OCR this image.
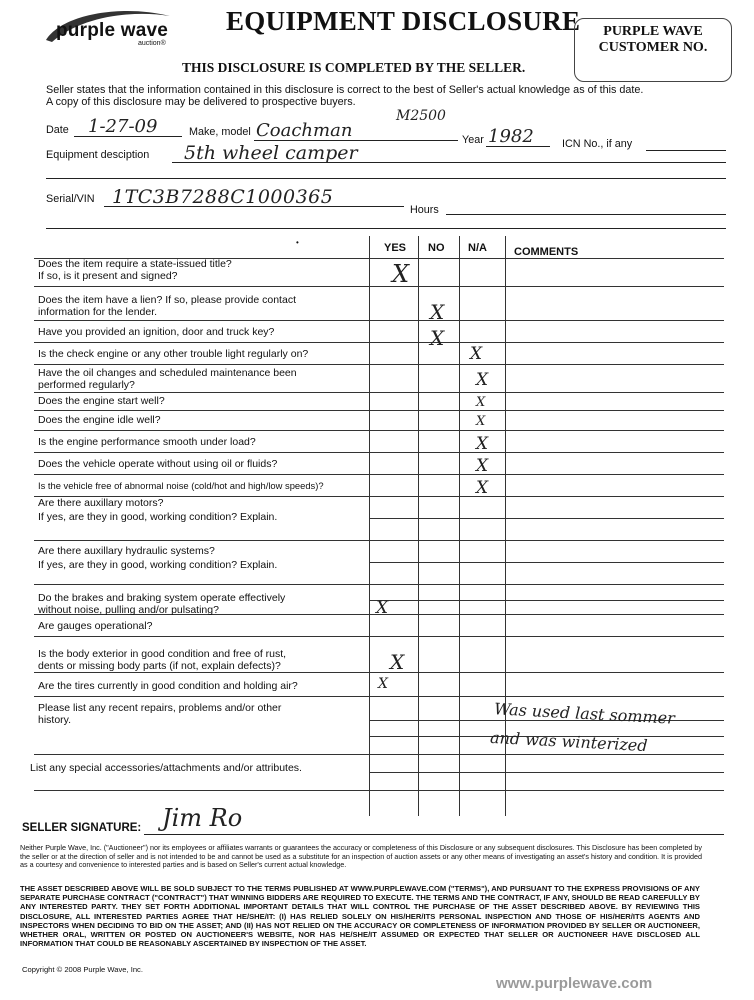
purple wave
auction®
EQUIPMENT DISCLOSURE
THIS DISCLOSURE IS COMPLETED BY THE SELLER.
PURPLE WAVE
CUSTOMER NO.
Seller states that the information contained in this disclosure is correct to the best of Seller's actual knowledge as of this date.
A copy of this disclosure may be delivered to prospective buyers.
Date 1-27-09	Make, model Coachman
M2500
Year 1982	ICN No., if any
Equipment desciption 5th wheel camper
Serial/VIN 1TC3B7288C1000365
Hours
YES NO N/A COMMENTS
•
Does the item require a state-issued title?
If so, is it present and signed?
Does the item have a lien? If so, please provide contact
information for the lender.
Have you provided an ignition, door and truck key?
Is the check engine or any other trouble light regularly on?
Have the oil changes and scheduled maintenance been
performed regularly?
Does the engine start well?
Does the engine idle well?
Is the engine performance smooth under load?
Does the vehicle operate without using oil or fluids?
Is the vehicle free of abnormal noise (cold/hot and high/low speeds)?
Are there auxillary motors?
If yes, are they in good, working condition? Explain.
Are there auxillary hydraulic systems?
If yes, are they in good, working condition? Explain.
Do the brakes and braking system operate effectively
without noise, pulling and/or pulsating?
Are gauges operational?
Is the body exterior in good condition and free of rust,
dents or missing body parts (if not, explain defects)?
Are the tires currently in good condition and holding air?
Please list any recent repairs, problems and/or other
history.
List any special accessories/attachments and/or attributes.
X
X
X
X
X
X
X
X
X
X
X
X
X
Was used last sommer
and was winterized
SELLER SIGNATURE: Jim Ro
Neither Purple Wave, Inc. ("Auctioneer") nor its employees or affiliates warrants or guarantees the accuracy or completeness of this Disclosure or any subsequent disclosures. This Disclosure has been completed by the seller or at the direction of seller and is not intended to be and cannot be used as a substitute for an inspection of auction assets or any other means of investigating an asset's history and condition. It is provided as a courtesy and convenience to interested parties and is based on Seller's current actual knowledge.
THE ASSET DESCRIBED ABOVE WILL BE SOLD SUBJECT TO THE TERMS PUBLISHED AT WWW.PURPLEWAVE.COM ("TERMS"), AND PURSUANT TO THE EXPRESS PROVISIONS OF ANY SEPARATE PURCHASE CONTRACT ("CONTRACT") THAT WINNING BIDDERS ARE REQUIRED TO EXECUTE. THE TERMS AND THE CONTRACT, IF ANY, SHOULD BE READ CAREFULLY BY ANY INTERESTED PARTY. THEY SET FORTH ADDITIONAL IMPORTANT DETAILS THAT WILL CONTROL THE PURCHASE OF THE ASSET DESCRIBED ABOVE. BY REVIEWING THIS DISCLOSURE, ALL INTERESTED PARTIES AGREE THAT HE/SHE/IT: (I) HAS RELIED SOLELY ON HIS/HER/ITS PERSONAL INSPECTION AND THOSE OF HIS/HER/ITS AGENTS AND INSPECTORS WHEN DECIDING TO BID ON THE ASSET; AND (II) HAS NOT RELIED ON THE ACCURACY OR COMPLETENESS OF INFORMATION PROVIDED BY SELLER OR AUCTIONEER, WHETHER ORAL, WRITTEN OR POSTED ON AUCTIONEER'S WEBSITE, NOR HAS HE/SHE/IT ASSUMED OR EXPECTED THAT SELLER OR AUCTIONEER HAVE DISCLOSED ALL INFORMATION THAT COULD BE REASONABLY ASCERTAINED BY INSPECTION OF THE ASSET.
Copyright © 2008 Purple Wave, Inc.
www.purplewave.com
